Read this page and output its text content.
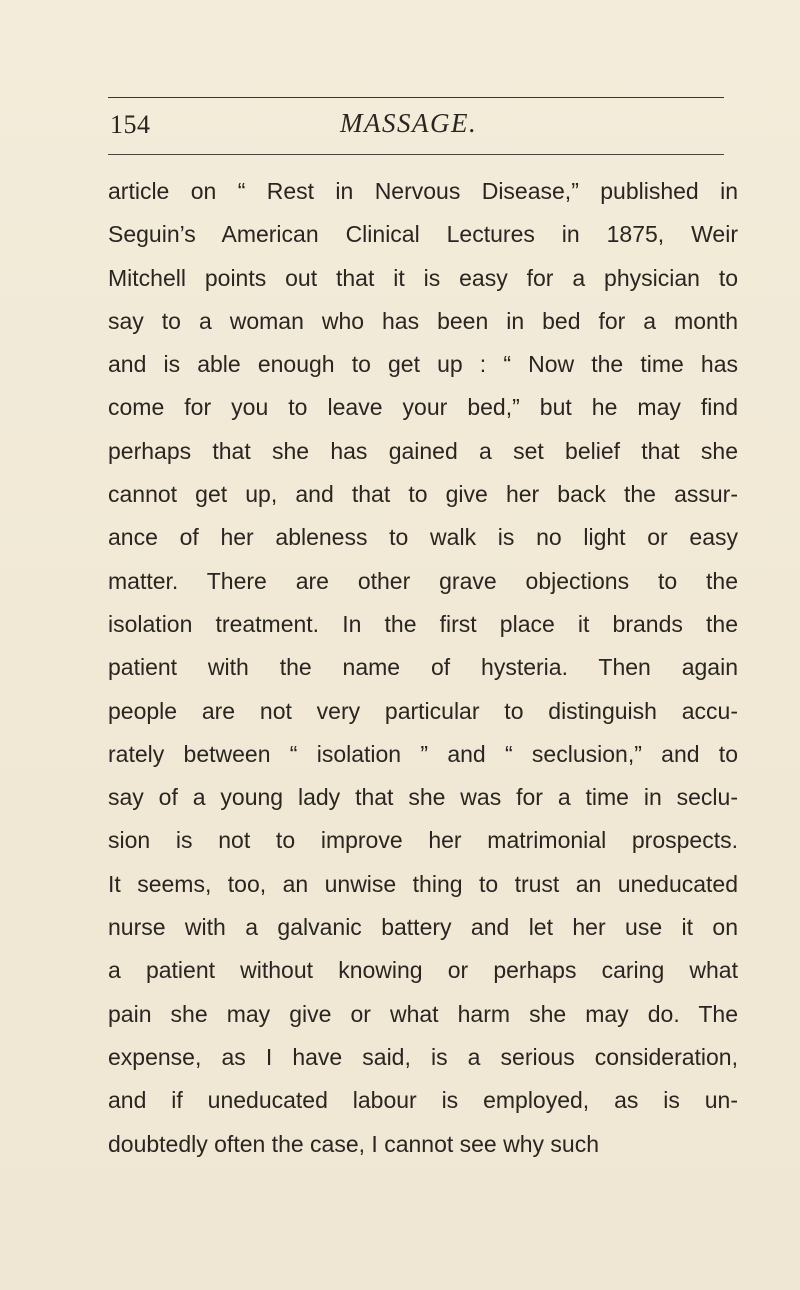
154	MASSAGE.
article on “ Rest in Nervous Disease,” published in
Seguin’s American Clinical Lectures in 1875, Weir
Mitchell points out that it is easy for a physician to
say to a woman who has been in bed for a month
and is able enough to get up : “ Now the time has
come for you to leave your bed,” but he may find
perhaps that she has gained a set belief that she
cannot get up, and that to give her back the assur-
ance of her ableness to walk is no light or easy
matter. There are other grave objections to the
isolation treatment. In the first place it brands the
patient with the name of hysteria. Then again
people are not very particular to distinguish accu-
rately between “ isolation ” and “ seclusion,” and to
say of a young lady that she was for a time in seclu-
sion is not to improve her matrimonial prospects.
It seems, too, an unwise thing to trust an uneducated
nurse with a galvanic battery and let her use it on
a patient without knowing or perhaps caring what
pain she may give or what harm she may do. The
expense, as I have said, is a serious consideration,
and if uneducated labour is employed, as is un-
doubtedly often the case, I cannot see why such
